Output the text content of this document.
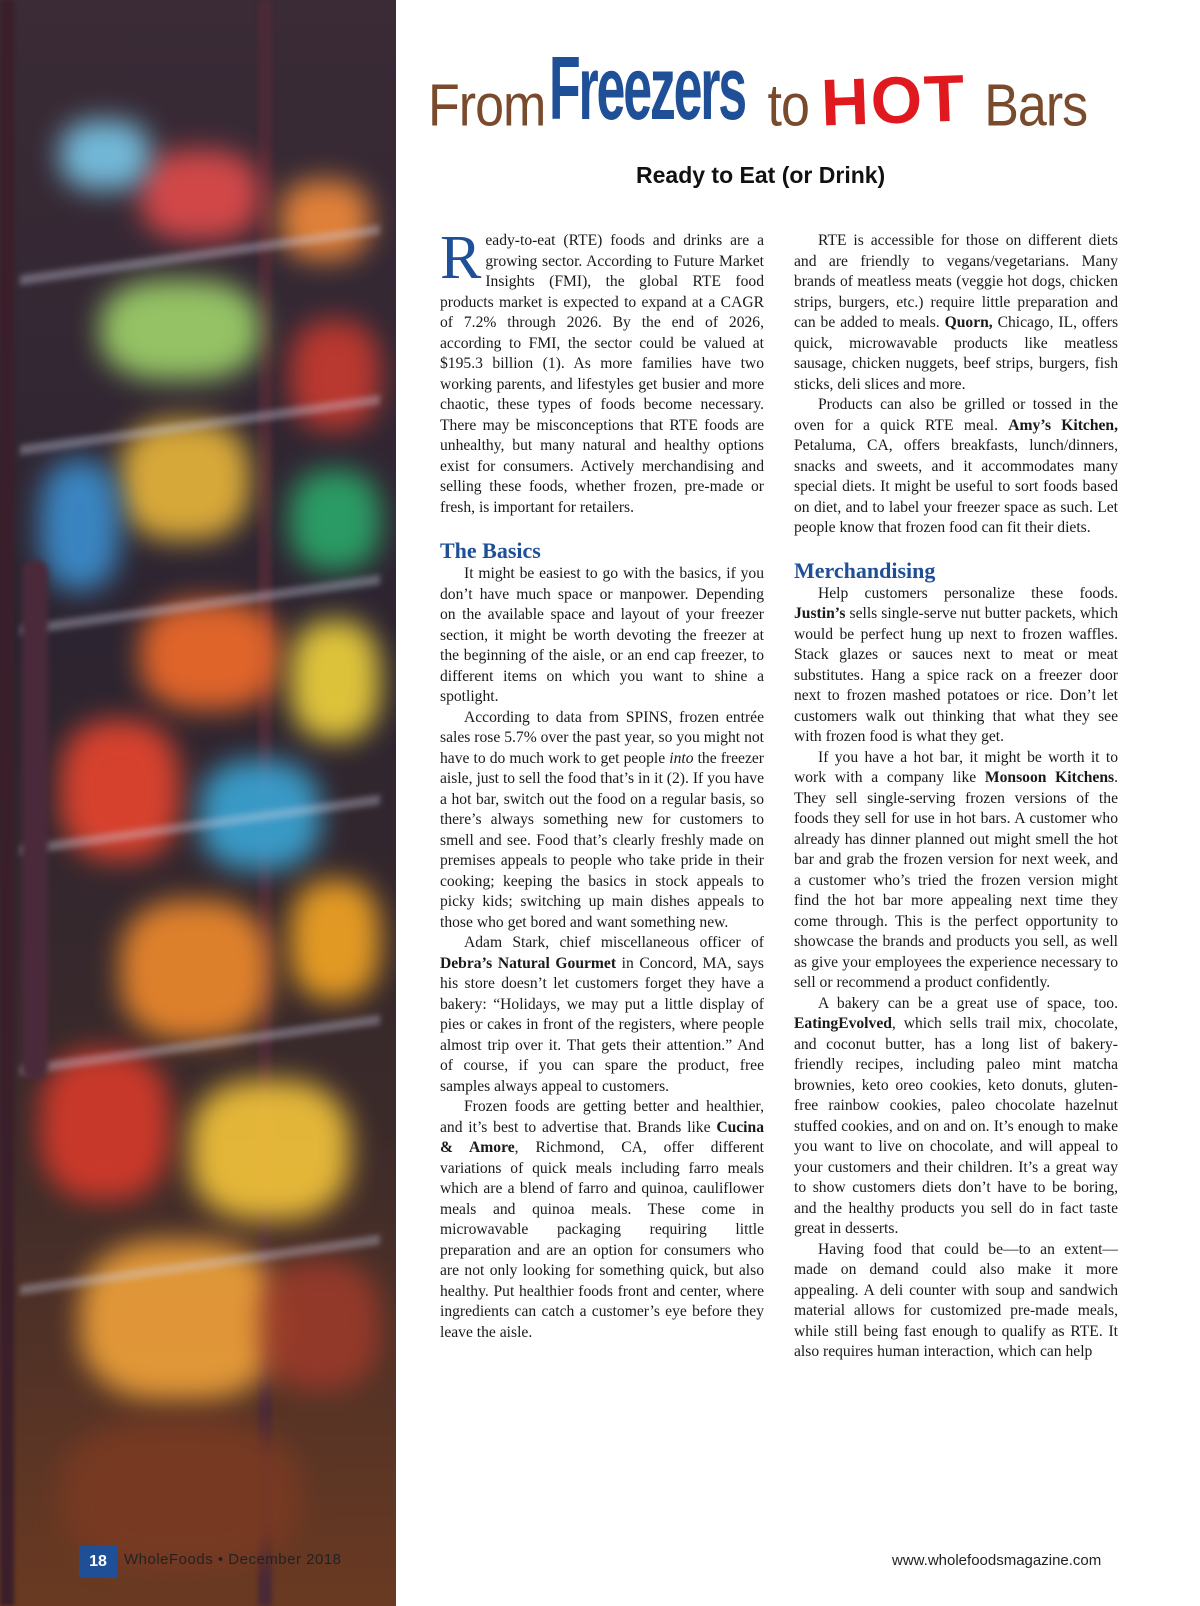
From Freezers to HOT Bars
Ready to Eat (or Drink)

Ready-to-eat (RTE) foods and drinks are a growing sector. According to Future Market Insights (FMI), the global RTE food products market is expected to expand at a CAGR of 7.2% through 2026. By the end of 2026, according to FMI, the sector could be valued at $195.3 billion (1). As more families have two working parents, and lifestyles get busier and more chaotic, these types of foods become necessary. There may be misconceptions that RTE foods are unhealthy, but many natural and healthy options exist for consumers. Actively merchandising and selling these foods, whether frozen, pre-made or fresh, is important for retailers.

The Basics

It might be easiest to go with the basics, if you don’t have much space or manpower. Depending on the available space and layout of your freezer section, it might be worth devoting the freezer at the beginning of the aisle, or an end cap freezer, to different items on which you want to shine a spotlight.

According to data from SPINS, frozen entrée sales rose 5.7% over the past year, so you might not have to do much work to get people into the freezer aisle, just to sell the food that’s in it (2). If you have a hot bar, switch out the food on a regular basis, so there’s always something new for customers to smell and see. Food that’s clearly freshly made on premises appeals to people who take pride in their cooking; keeping the basics in stock appeals to picky kids; switching up main dishes appeals to those who get bored and want something new.

Adam Stark, chief miscellaneous officer of Debra’s Natural Gourmet in Concord, MA, says his store doesn’t let customers forget they have a bakery: “Holidays, we may put a little display of pies or cakes in front of the registers, where people almost trip over it. That gets their attention.” And of course, if you can spare the product, free samples always appeal to customers.

Frozen foods are getting better and healthier, and it’s best to advertise that. Brands like Cucina & Amore, Richmond, CA, offer different variations of quick meals including farro meals which are a blend of farro and quinoa, cauliflower meals and quinoa meals. These come in microwavable packaging requiring little preparation and are an option for consumers who are not only looking for something quick, but also healthy. Put healthier foods front and center, where ingredients can catch a customer’s eye before they leave the aisle.

RTE is accessible for those on different diets and are friendly to vegans/vegetarians. Many brands of meatless meats (veggie hot dogs, chicken strips, burgers, etc.) require little preparation and can be added to meals. Quorn, Chicago, IL, offers quick, microwavable products like meatless sausage, chicken nuggets, beef strips, burgers, fish sticks, deli slices and more.

Products can also be grilled or tossed in the oven for a quick RTE meal. Amy’s Kitchen, Petaluma, CA, offers breakfasts, lunch/dinners, snacks and sweets, and it accommodates many special diets. It might be useful to sort foods based on diet, and to label your freezer space as such. Let people know that frozen food can fit their diets.

Merchandising

Help customers personalize these foods. Justin’s sells single-serve nut butter packets, which would be perfect hung up next to frozen waffles. Stack glazes or sauces next to meat or meat substitutes. Hang a spice rack on a freezer door next to frozen mashed potatoes or rice. Don’t let customers walk out thinking that what they see with frozen food is what they get.

If you have a hot bar, it might be worth it to work with a company like Monsoon Kitchens. They sell single-serving frozen versions of the foods they sell for use in hot bars. A customer who already has dinner planned out might smell the hot bar and grab the frozen version for next week, and a customer who’s tried the frozen version might find the hot bar more appealing next time they come through. This is the perfect opportunity to showcase the brands and products you sell, as well as give your employees the experience necessary to sell or recommend a product confidently.

A bakery can be a great use of space, too. EatingEvolved, which sells trail mix, chocolate, and coconut butter, has a long list of bakery-friendly recipes, including paleo mint matcha brownies, keto oreo cookies, keto donuts, gluten-free rainbow cookies, paleo chocolate hazelnut stuffed cookies, and on and on. It’s enough to make you want to live on chocolate, and will appeal to your customers and their children. It’s a great way to show customers diets don’t have to be boring, and the healthy products you sell do in fact taste great in desserts.

Having food that could be—to an extent—made on demand could also make it more appealing. A deli counter with soup and sandwich material allows for customized pre-made meals, while still being fast enough to qualify as RTE. It also requires human interaction, which can help

18	WholeFoods • December 2018	www.wholefoodsmagazine.com
